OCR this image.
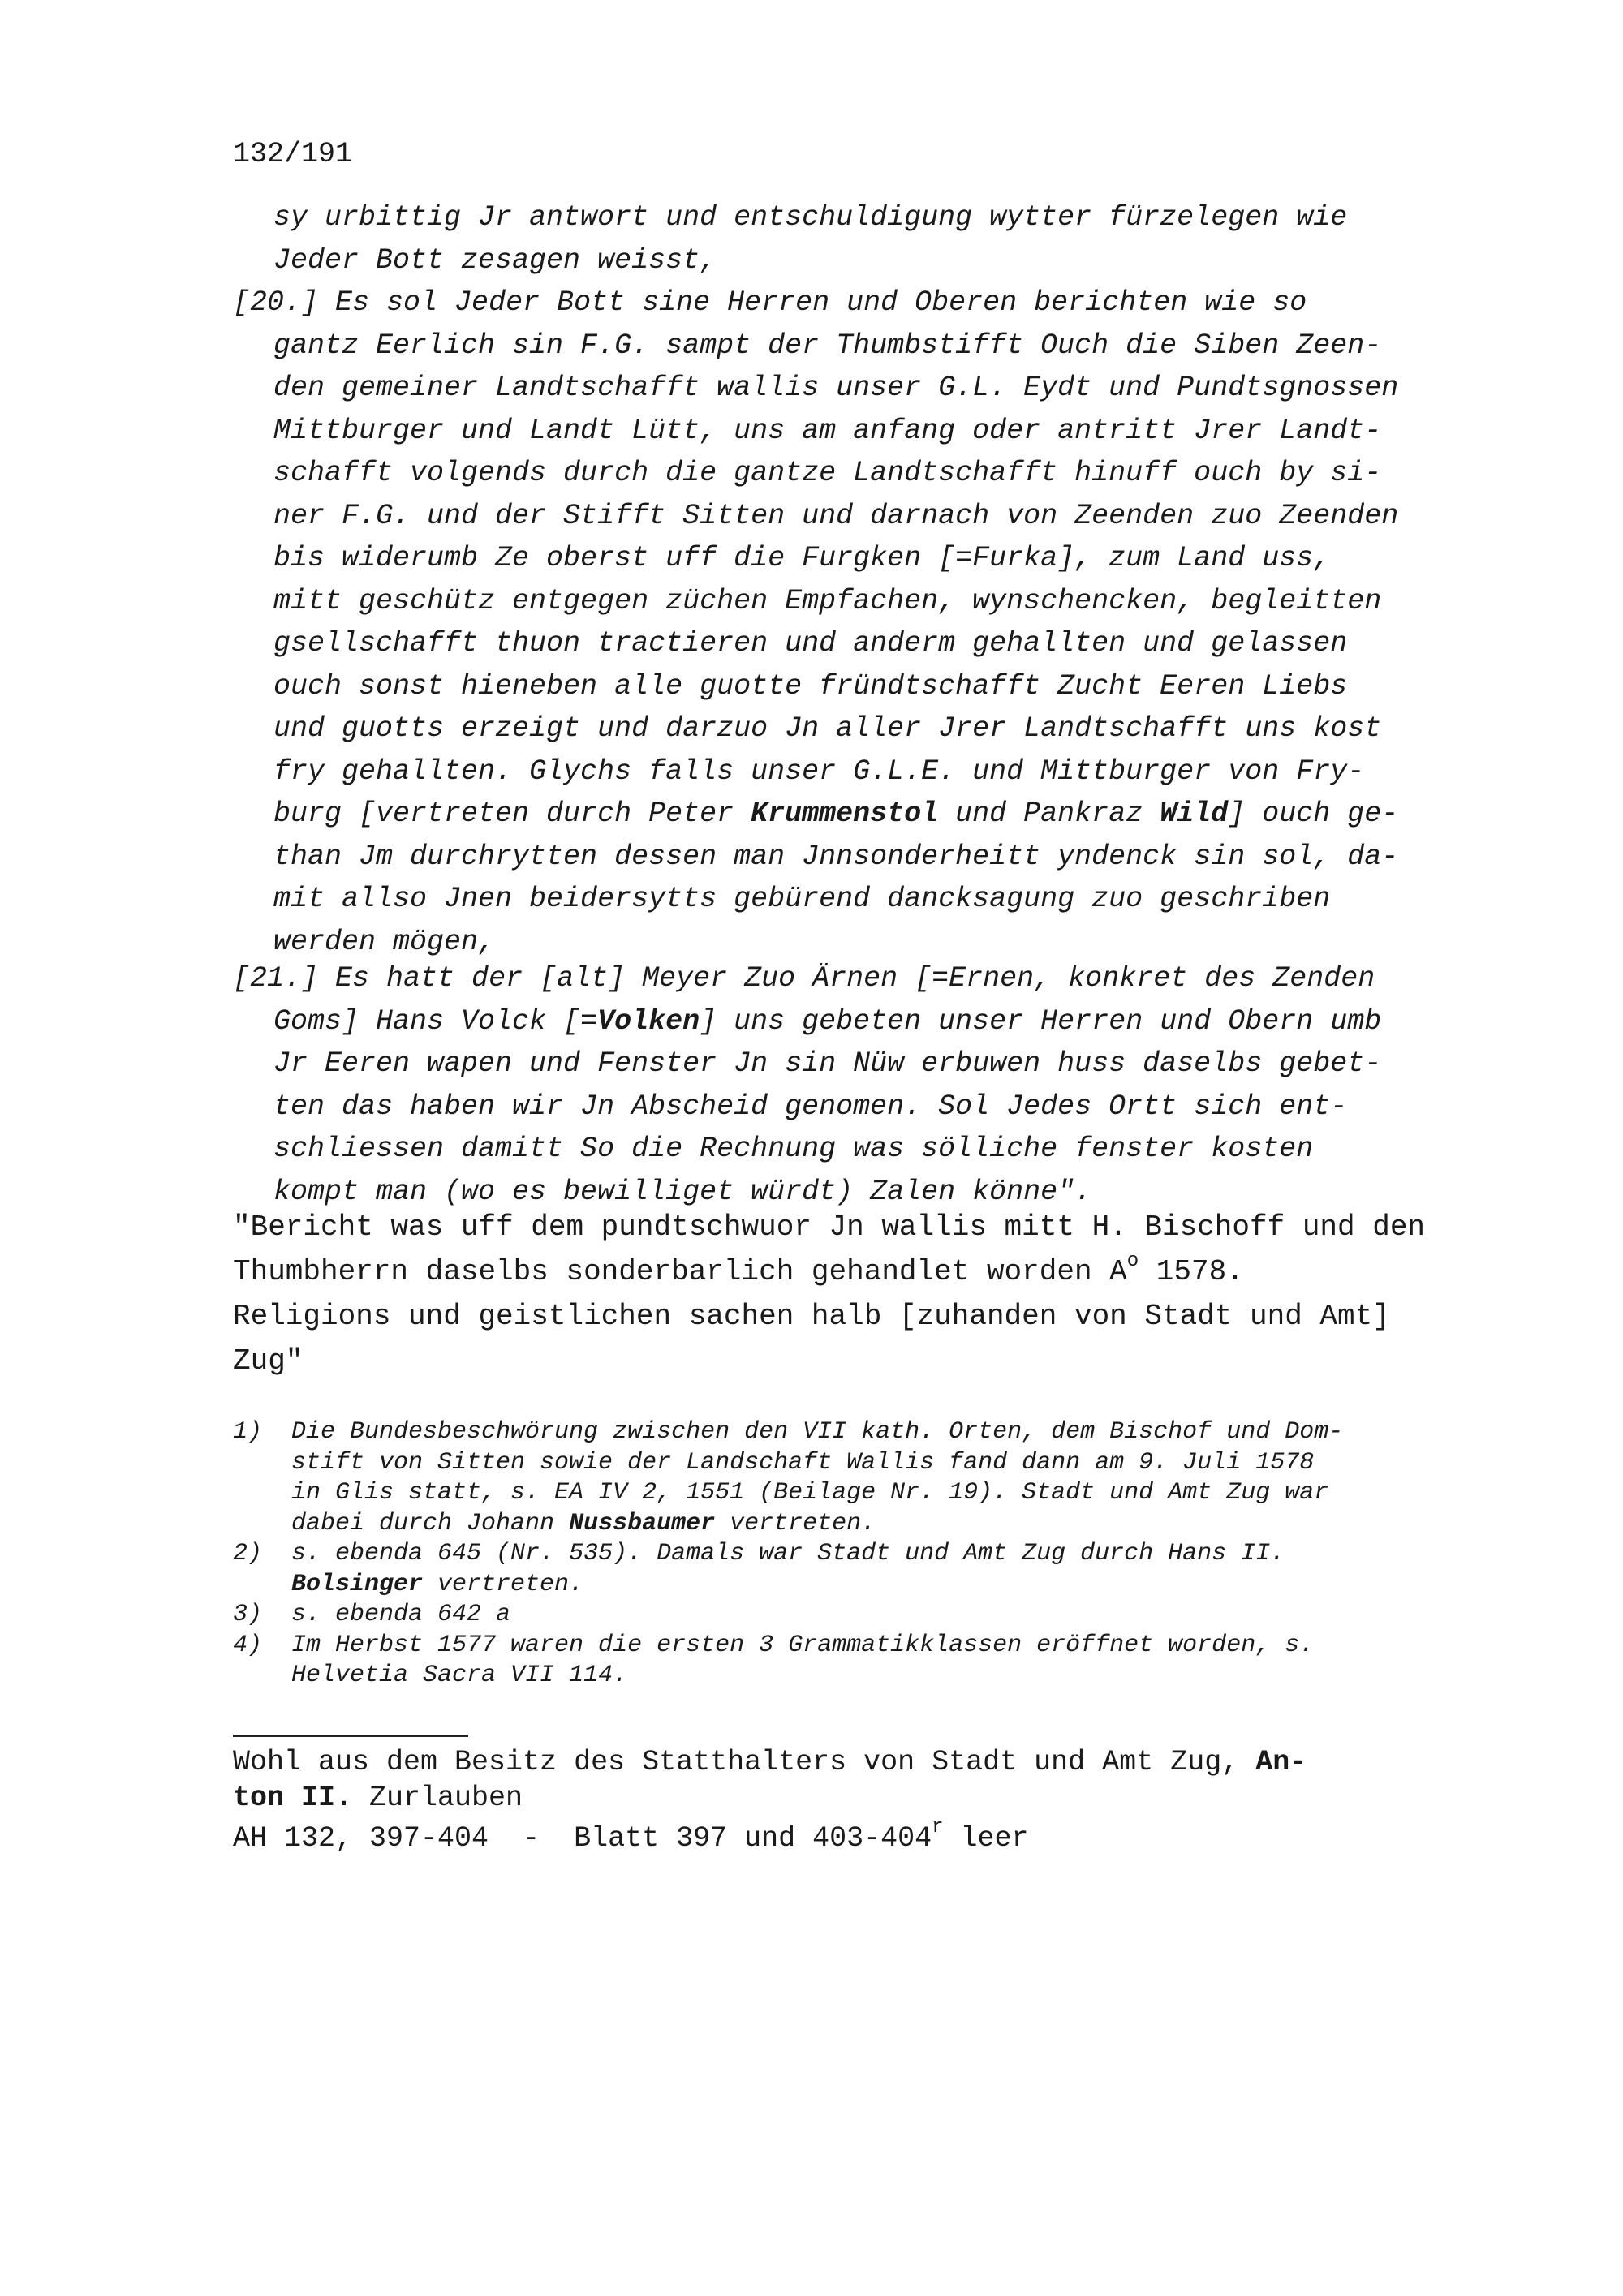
132/191
sy urbittig Jr antwort und entschuldigung wytter fürzelegen wie
Jeder Bott zesagen weisst,
[20.] Es sol Jeder Bott sine Herren und Oberen berichten wie so
gantz Eerlich sin F.G. sampt der Thumbstifft Ouch die Siben Zeen-
den gemeiner Landtschafft wallis unser G.L. Eydt und Pundtsgnossen
Mittburger und Landt Lütt, uns am anfang oder antritt Jrer Landt-
schafft volgends durch die gantze Landtschafft hinuff ouch by si-
ner F.G. und der Stifft Sitten und darnach von Zeenden zuo Zeenden
bis widerumb Ze oberst uff die Furgken [=Furka], zum Land uss,
mitt geschütz entgegen züchen Empfachen, wynschencken, begleitten
gsellschafft thuon tractieren und anderm gehallten und gelassen
ouch sonst hieneben alle guotte fründtschafft Zucht Eeren Liebs
und guotts erzeigt und darzuo Jn aller Jrer Landtschafft uns kost
fry gehallten. Glychs falls unser G.L.E. und Mittburger von Fry-
burg [vertreten durch Peter Krummenstol und Pankraz Wild] ouch ge-
than Jm durchrytten dessen man Jnnsonderheitt yndenck sin sol, da-
mit allso Jnen beidersytts gebürend dancksagung zuo geschriben
werden mögen,
[21.] Es hatt der [alt] Meyer Zuo Ärnen [=Ernen, konkret des Zenden
Goms] Hans Volck [=Volken] uns gebeten unser Herren und Obern umb
Jr Eeren wapen und Fenster Jn sin Nüw erbuwen huss daselbs gebet-
ten das haben wir Jn Abscheid genomen. Sol Jedes Ortt sich ent-
schliessen damitt So die Rechnung was sölliche fenster kosten
kompt man (wo es bewilliget würdt) Zalen könne".
"Bericht was uff dem pundtschwuor Jn wallis mitt H. Bischoff und den
Thumbherrn daselbs sonderbarlich gehandlet worden $A^o$ 1578.
Religions und geistlichen sachen halb [zuhanden von Stadt und Amt]
Zug"
1)	Die Bundesbeschwörung zwischen den VII kath. Orten, dem Bischof und Dom-
stift von Sitten sowie der Landschaft Wallis fand dann am 9. Juli 1578
in Glis statt, s. EA IV 2, 1551 (Beilage Nr. 19). Stadt und Amt Zug war
dabei durch Johann Nussbaumer vertreten.
2)	s. ebenda 645 (Nr. 535). Damals war Stadt und Amt Zug durch Hans II.
Bolsinger vertreten.
3)	s. ebenda 642 a
4)	Im Herbst 1577 waren die ersten 3 Grammatikklassen eröffnet worden, s.
Helvetia Sacra VII 114.
Wohl aus dem Besitz des Statthalters von Stadt und Amt Zug, An-
ton II. Zurlauben
AH 132, 397-404  -  Blatt 397 und 403-404$^r$ leer
